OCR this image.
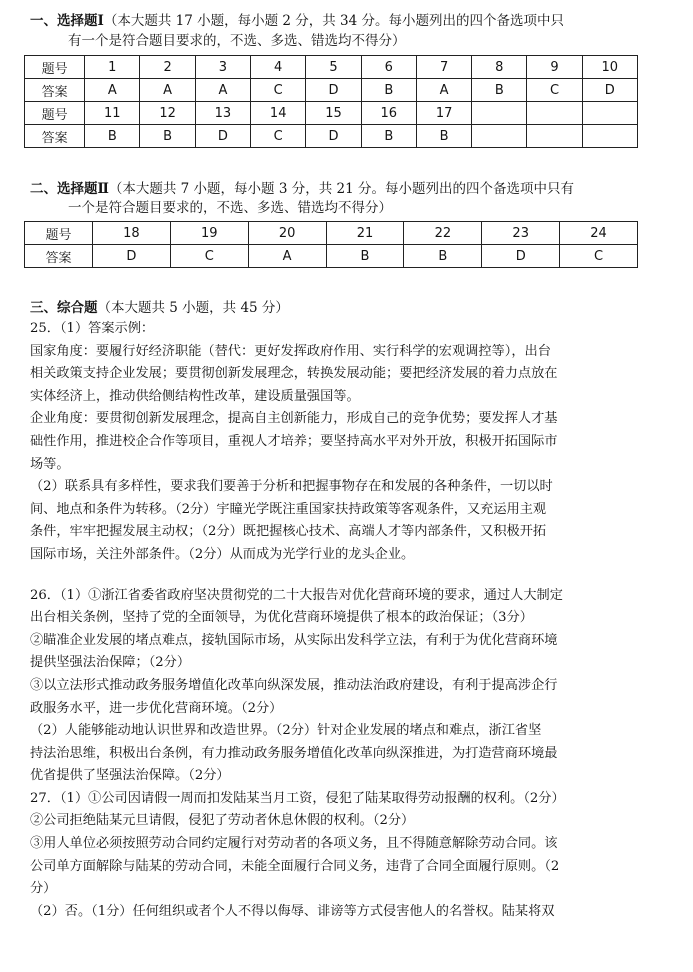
一、选择题Ⅰ（本大题共 17 小题，每小题 2 分，共 34 分。每小题列出的四个备选项中只
有一个是符合题目要求的，不选、多选、错选均不得分）
题号	1	2	3	4	5	6	7	8	9	10
答案	A	A	A	C	D	B	A	B	C	D
题号	11	12	13	14	15	16	17			
答案	B	B	D	C	D	B	B			
二、选择题Ⅱ（本大题共 7 小题，每小题 3 分，共 21 分。每小题列出的四个备选项中只有
一个是符合题目要求的，不选、多选、错选均不得分）
题号	18	19	20	21	22	23	24
答案	D	C	A	B	B	D	C
三、综合题（本大题共 5 小题，共 45 分）

25．（1）答案示例：

国家角度：要履行好经济职能（替代：更好发挥政府作用、实行科学的宏观调控等），出台

相关政策支持企业发展；要贯彻创新发展理念，转换发展动能；要把经济发展的着力点放在

实体经济上，推动供给侧结构性改革，建设质量强国等。

企业角度：要贯彻创新发展理念，提高自主创新能力，形成自己的竞争优势；要发挥人才基

础性作用，推进校企合作等项目，重视人才培养；要坚持高水平对外开放，积极开拓国际市

场等。

（2）联系具有多样性，要求我们要善于分析和把握事物存在和发展的各种条件，一切以时

间、地点和条件为转移。（2分）宇瞳光学既注重国家扶持政策等客观条件，又充运用主观

条件，牢牢把握发展主动权；（2分）既把握核心技术、高端人才等内部条件，又积极开拓

国际市场，关注外部条件。（2分）从而成为光学行业的龙头企业。

26．（1）①浙江省委省政府坚决贯彻党的二十大报告对优化营商环境的要求，通过人大制定

出台相关条例，坚持了党的全面领导，为优化营商环境提供了根本的政治保证；（3分）

②瞄准企业发展的堵点难点，接轨国际市场，从实际出发科学立法，有利于为优化营商环境

提供坚强法治保障；（2分）

③以立法形式推动政务服务增值化改革向纵深发展，推动法治政府建设，有利于提高涉企行

政服务水平，进一步优化营商环境。（2分）

（2）人能够能动地认识世界和改造世界。（2分）针对企业发展的堵点和难点，浙江省坚

持法治思维，积极出台条例，有力推动政务服务增值化改革向纵深推进，为打造营商环境最

优省提供了坚强法治保障。（2分）

27．（1）①公司因请假一周而扣发陆某当月工资，侵犯了陆某取得劳动报酬的权利。（2分）

②公司拒绝陆某元旦请假，侵犯了劳动者休息休假的权利。（2分）

③用人单位必须按照劳动合同约定履行对劳动者的各项义务，且不得随意解除劳动合同。该

公司单方面解除与陆某的劳动合同，未能全面履行合同义务，违背了合同全面履行原则。（2

分）

（2）否。（1分）任何组织或者个人不得以侮辱、诽谤等方式侵害他人的名誉权。陆某将双
